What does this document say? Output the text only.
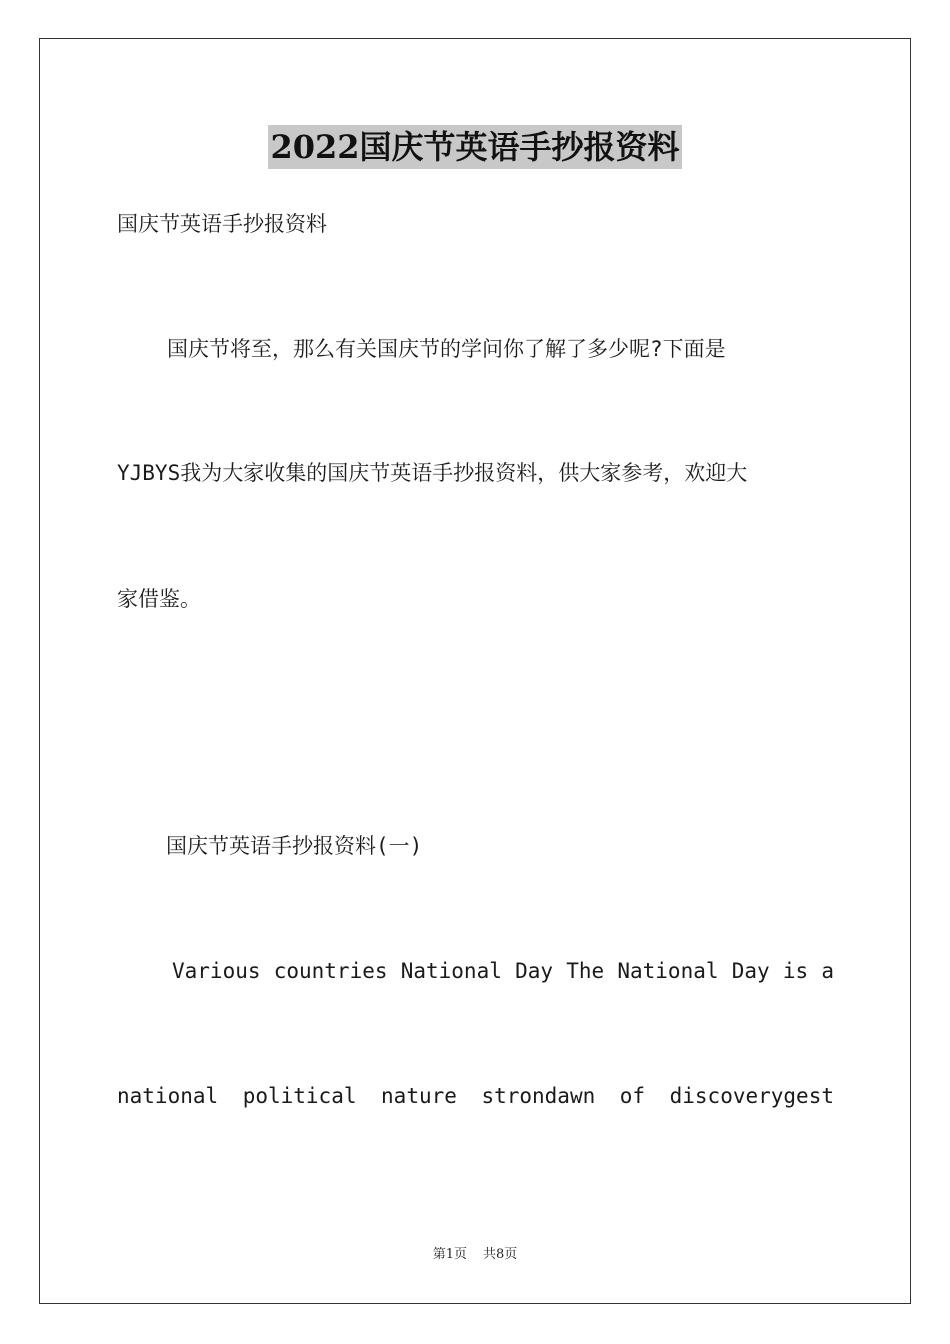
2022国庆节英语手抄报资料
国庆节英语手抄报资料
国庆节将至，那么有关国庆节的学问你了解了多少呢?下面是
YJBYS我为大家收集的国庆节英语手抄报资料，供大家参考，欢迎大
家借鉴。
国庆节英语手抄报资料(一)
Various countries National Day The National Day is a
national political nature strondawn of discoverygest
第1页 共8页
